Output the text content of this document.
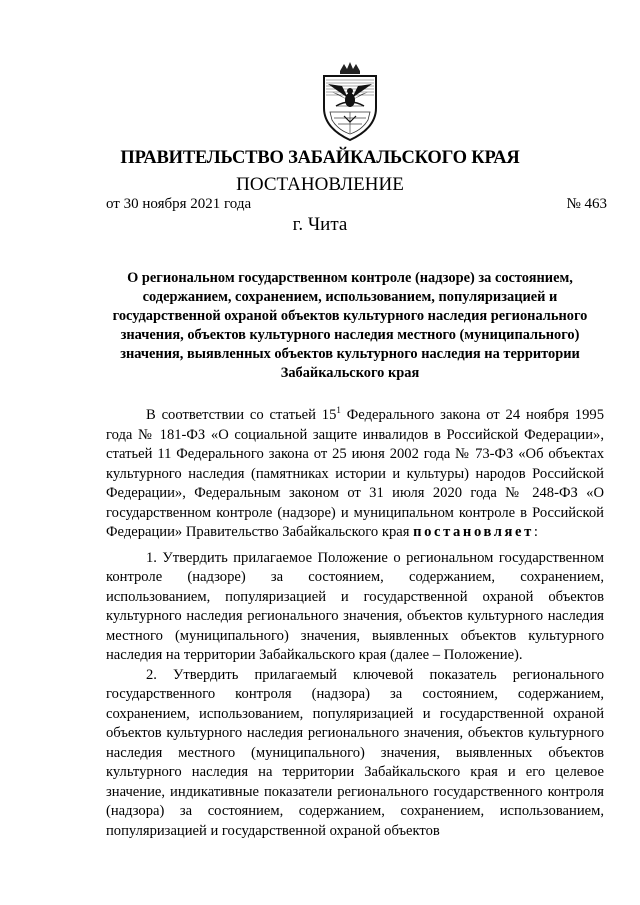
ПРАВИТЕЛЬСТВО ЗАБАЙКАЛЬСКОГО КРАЯ
ПОСТАНОВЛЕНИЕ
от 30 ноября 2021 года	№ 463
г. Чита

О региональном государственном контроле (надзоре) за состоянием, содержанием, сохранением, использованием, популяризацией и государственной охраной объектов культурного наследия регионального значения, объектов культурного наследия местного (муниципального) значения, выявленных объектов культурного наследия на территории Забайкальского края

В соответствии со статьей $15^1$ Федерального закона от 24 ноября 1995 года № 181-ФЗ «О социальной защите инвалидов в Российской Федерации», статьей 11 Федерального закона от 25 июня 2002 года № 73-ФЗ «Об объектах культурного наследия (памятниках истории и культуры) народов Российской Федерации», Федеральным законом от 31 июля 2020 года № 248-ФЗ «О государственном контроле (надзоре) и муниципальном контроле в Российской Федерации» Правительство Забайкальского края постановляет:

1. Утвердить прилагаемое Положение о региональном государственном контроле (надзоре) за состоянием, содержанием, сохранением, использованием, популяризацией и государственной охраной объектов культурного наследия регионального значения, объектов культурного наследия местного (муниципального) значения, выявленных объектов культурного наследия на территории Забайкальского края (далее – Положение).

2. Утвердить прилагаемый ключевой показатель регионального государственного контроля (надзора) за состоянием, содержанием, сохранением, использованием, популяризацией и государственной охраной объектов культурного наследия регионального значения, объектов культурного наследия местного (муниципального) значения, выявленных объектов культурного наследия на территории Забайкальского края и его целевое значение, индикативные показатели регионального государственного контроля (надзора) за состоянием, содержанием, сохранением, использованием, популяризацией и государственной охраной объектов
